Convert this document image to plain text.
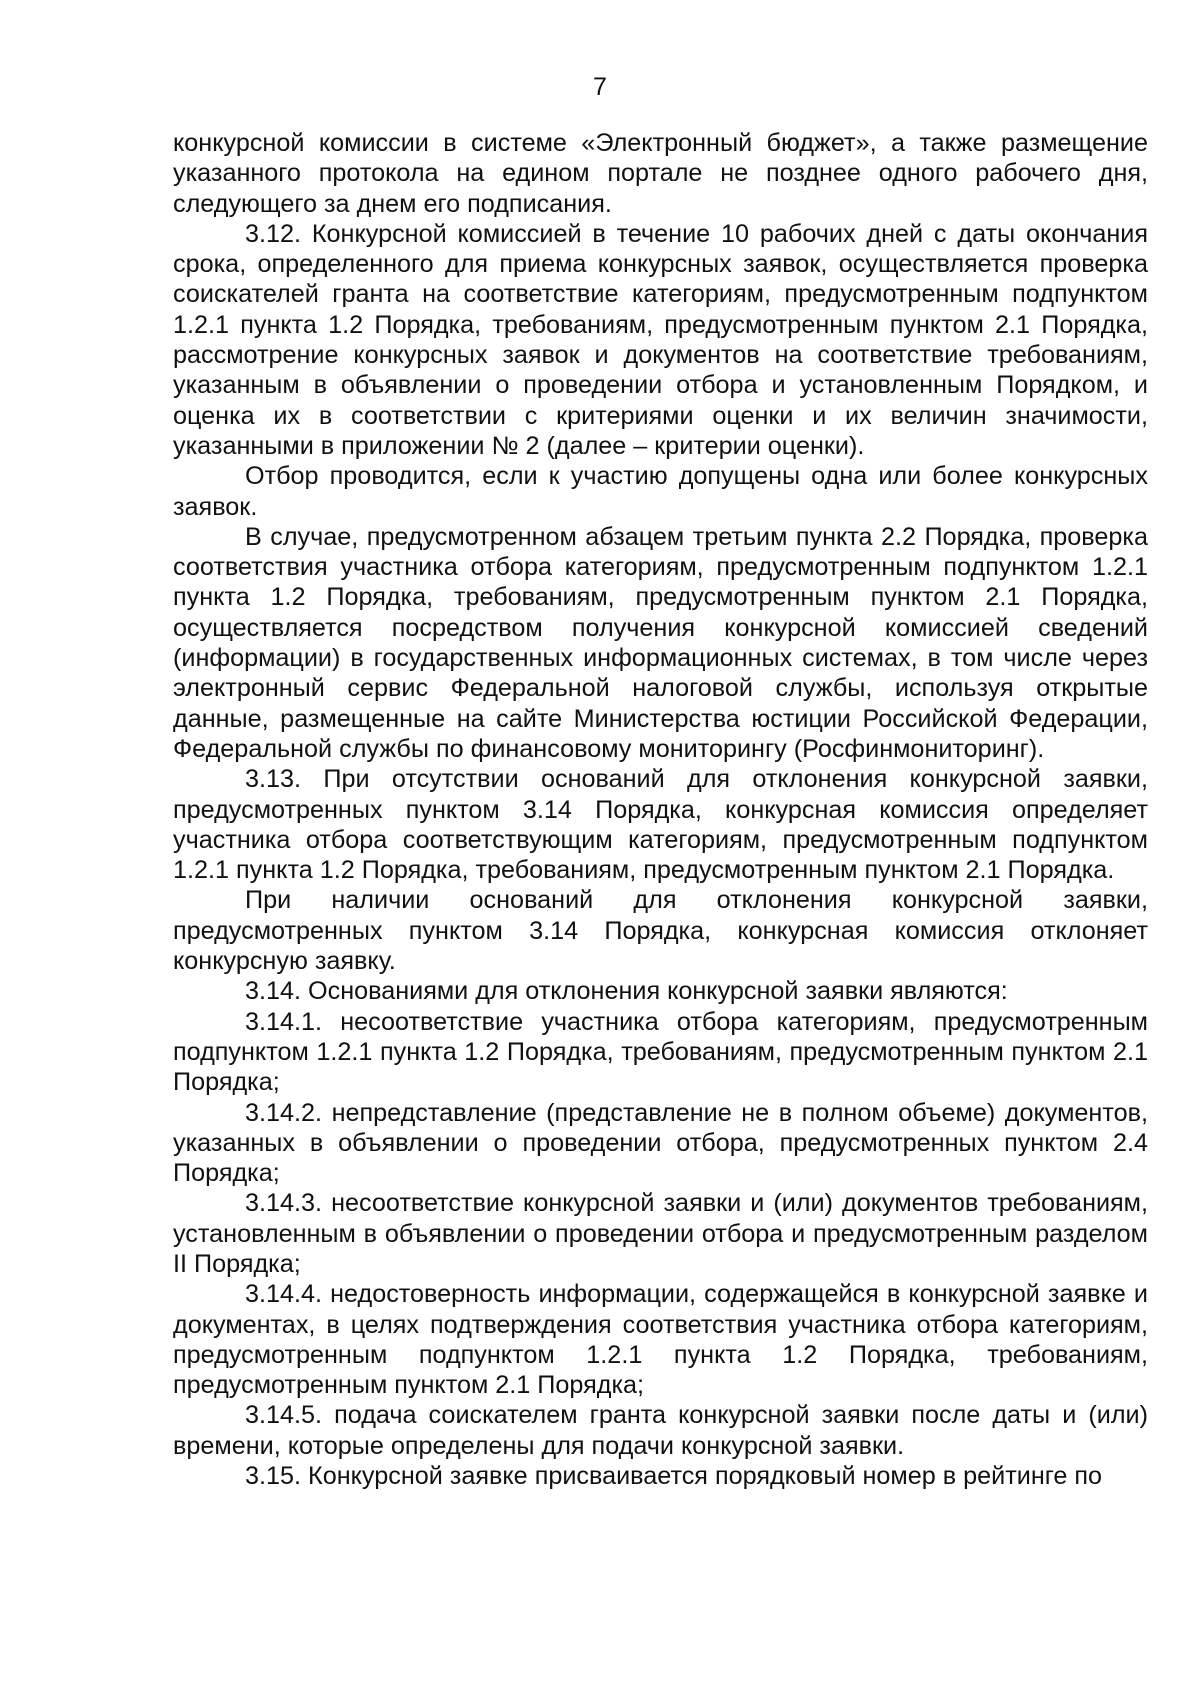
7

конкурсной комиссии в системе «Электронный бюджет», а также размещение указанного протокола на едином портале не позднее одного рабочего дня, следующего за днем его подписания.

3.12. Конкурсной комиссией в течение 10 рабочих дней с даты окончания срока, определенного для приема конкурсных заявок, осуществляется проверка соискателей гранта на соответствие категориям, предусмотренным подпунктом 1.2.1 пункта 1.2 Порядка, требованиям, предусмотренным пунктом 2.1 Порядка, рассмотрение конкурсных заявок и документов на соответствие требованиям, указанным в объявлении о проведении отбора и установленным Порядком, и оценка их в соответствии с критериями оценки и их величин значимости, указанными в приложении № 2 (далее – критерии оценки).

Отбор проводится, если к участию допущены одна или более конкурсных заявок.

В случае, предусмотренном абзацем третьим пункта 2.2 Порядка, проверка соответствия участника отбора категориям, предусмотренным подпунктом 1.2.1 пункта 1.2 Порядка, требованиям, предусмотренным пунктом 2.1 Порядка, осуществляется посредством получения конкурсной комиссией сведений (информации) в государственных информационных системах, в том числе через электронный сервис Федеральной налоговой службы, используя открытые данные, размещенные на сайте Министерства юстиции Российской Федерации, Федеральной службы по финансовому мониторингу (Росфинмониторинг).

3.13. При отсутствии оснований для отклонения конкурсной заявки, предусмотренных пунктом 3.14 Порядка, конкурсная комиссия определяет участника отбора соответствующим категориям, предусмотренным подпунктом 1.2.1 пункта 1.2 Порядка, требованиям, предусмотренным пунктом 2.1 Порядка.

При наличии оснований для отклонения конкурсной заявки, предусмотренных пунктом 3.14 Порядка, конкурсная комиссия отклоняет конкурсную заявку.

3.14. Основаниями для отклонения конкурсной заявки являются:

3.14.1. несоответствие участника отбора категориям, предусмотренным подпунктом 1.2.1 пункта 1.2 Порядка, требованиям, предусмотренным пунктом 2.1 Порядка;

3.14.2. непредставление (представление не в полном объеме) документов, указанных в объявлении о проведении отбора, предусмотренных пунктом 2.4 Порядка;

3.14.3. несоответствие конкурсной заявки и (или) документов требованиям, установленным в объявлении о проведении отбора и предусмотренным разделом II Порядка;

3.14.4. недостоверность информации, содержащейся в конкурсной заявке и документах, в целях подтверждения соответствия участника отбора категориям, предусмотренным подпунктом 1.2.1 пункта 1.2 Порядка, требованиям, предусмотренным пунктом 2.1 Порядка;

3.14.5. подача соискателем гранта конкурсной заявки после даты и (или) времени, которые определены для подачи конкурсной заявки.

3.15. Конкурсной заявке присваивается порядковый номер в рейтинге по
